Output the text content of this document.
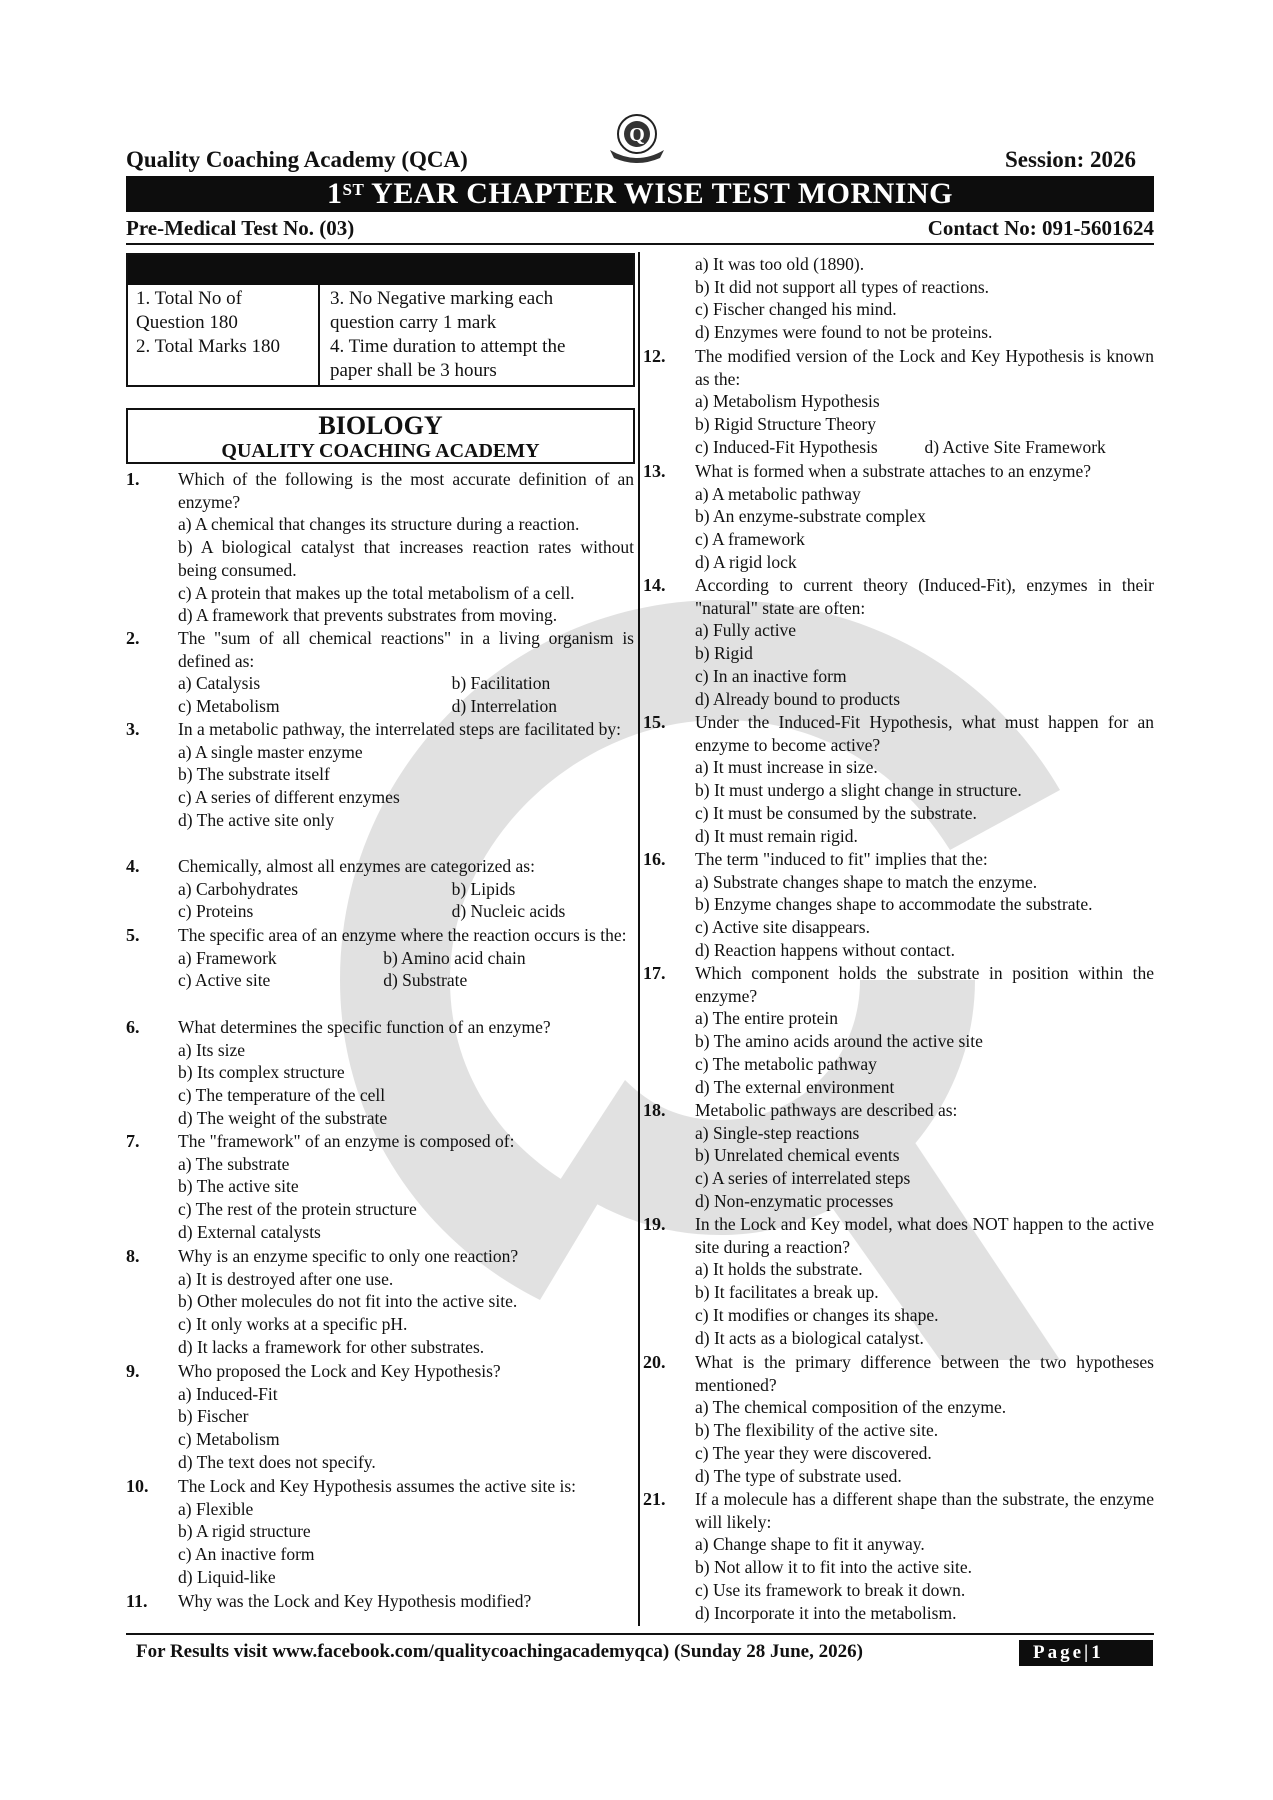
Q
Quality Coaching Academy (QCA)	Session: 2026
1ST YEAR CHAPTER WISE TEST MORNING
Pre-Medical Test No. (03)	Contact No: 091-5601624
1. Total No of
Question 180
2. Total Marks 180
3. No Negative marking each
question carry 1 mark
4. Time duration to attempt the
paper shall be 3 hours
BIOLOGY
QUALITY COACHING ACADEMY
1. Which of the following is the most accurate definition of an enzyme?
a) A chemical that changes its structure during a reaction.
b) A biological catalyst that increases reaction rates without being consumed.
c) A protein that makes up the total metabolism of a cell.
d) A framework that prevents substrates from moving.
2. The "sum of all chemical reactions" in a living organism is defined as:
a) Catalysis	b) Facilitation
c) Metabolism	d) Interrelation
3. In a metabolic pathway, the interrelated steps are facilitated by:
a) A single master enzyme
b) The substrate itself
c) A series of different enzymes
d) The active site only
4. Chemically, almost all enzymes are categorized as:
a) Carbohydrates	b) Lipids
c) Proteins	d) Nucleic acids
5. The specific area of an enzyme where the reaction occurs is the:
a) Framework	b) Amino acid chain
c) Active site	d) Substrate
6. What determines the specific function of an enzyme?
a) Its size
b) Its complex structure
c) The temperature of the cell
d) The weight of the substrate
7. The "framework" of an enzyme is composed of:
a) The substrate
b) The active site
c) The rest of the protein structure
d) External catalysts
8. Why is an enzyme specific to only one reaction?
a) It is destroyed after one use.
b) Other molecules do not fit into the active site.
c) It only works at a specific pH.
d) It lacks a framework for other substrates.
9. Who proposed the Lock and Key Hypothesis?
a) Induced-Fit
b) Fischer
c) Metabolism
d) The text does not specify.
10. The Lock and Key Hypothesis assumes the active site is:
a) Flexible
b) A rigid structure
c) An inactive form
d) Liquid-like
11. Why was the Lock and Key Hypothesis modified?
a) It was too old (1890).
b) It did not support all types of reactions.
c) Fischer changed his mind.
d) Enzymes were found to not be proteins.
12. The modified version of the Lock and Key Hypothesis is known as the:
a) Metabolism Hypothesis
b) Rigid Structure Theory
c) Induced-Fit Hypothesis	d) Active Site Framework
13. What is formed when a substrate attaches to an enzyme?
a) A metabolic pathway
b) An enzyme-substrate complex
c) A framework
d) A rigid lock
14. According to current theory (Induced-Fit), enzymes in their "natural" state are often:
a) Fully active
b) Rigid
c) In an inactive form
d) Already bound to products
15. Under the Induced-Fit Hypothesis, what must happen for an enzyme to become active?
a) It must increase in size.
b) It must undergo a slight change in structure.
c) It must be consumed by the substrate.
d) It must remain rigid.
16. The term "induced to fit" implies that the:
a) Substrate changes shape to match the enzyme.
b) Enzyme changes shape to accommodate the substrate.
c) Active site disappears.
d) Reaction happens without contact.
17. Which component holds the substrate in position within the enzyme?
a) The entire protein
b) The amino acids around the active site
c) The metabolic pathway
d) The external environment
18. Metabolic pathways are described as:
a) Single-step reactions
b) Unrelated chemical events
c) A series of interrelated steps
d) Non-enzymatic processes
19. In the Lock and Key model, what does NOT happen to the active site during a reaction?
a) It holds the substrate.
b) It facilitates a break up.
c) It modifies or changes its shape.
d) It acts as a biological catalyst.
20. What is the primary difference between the two hypotheses mentioned?
a) The chemical composition of the enzyme.
b) The flexibility of the active site.
c) The year they were discovered.
d) The type of substrate used.
21. If a molecule has a different shape than the substrate, the enzyme will likely:
a) Change shape to fit it anyway.
b) Not allow it to fit into the active site.
c) Use its framework to break it down.
d) Incorporate it into the metabolism.
For Results visit www.facebook.com/qualitycoachingacademyqca) (Sunday 28 June, 2026)	Page|1
